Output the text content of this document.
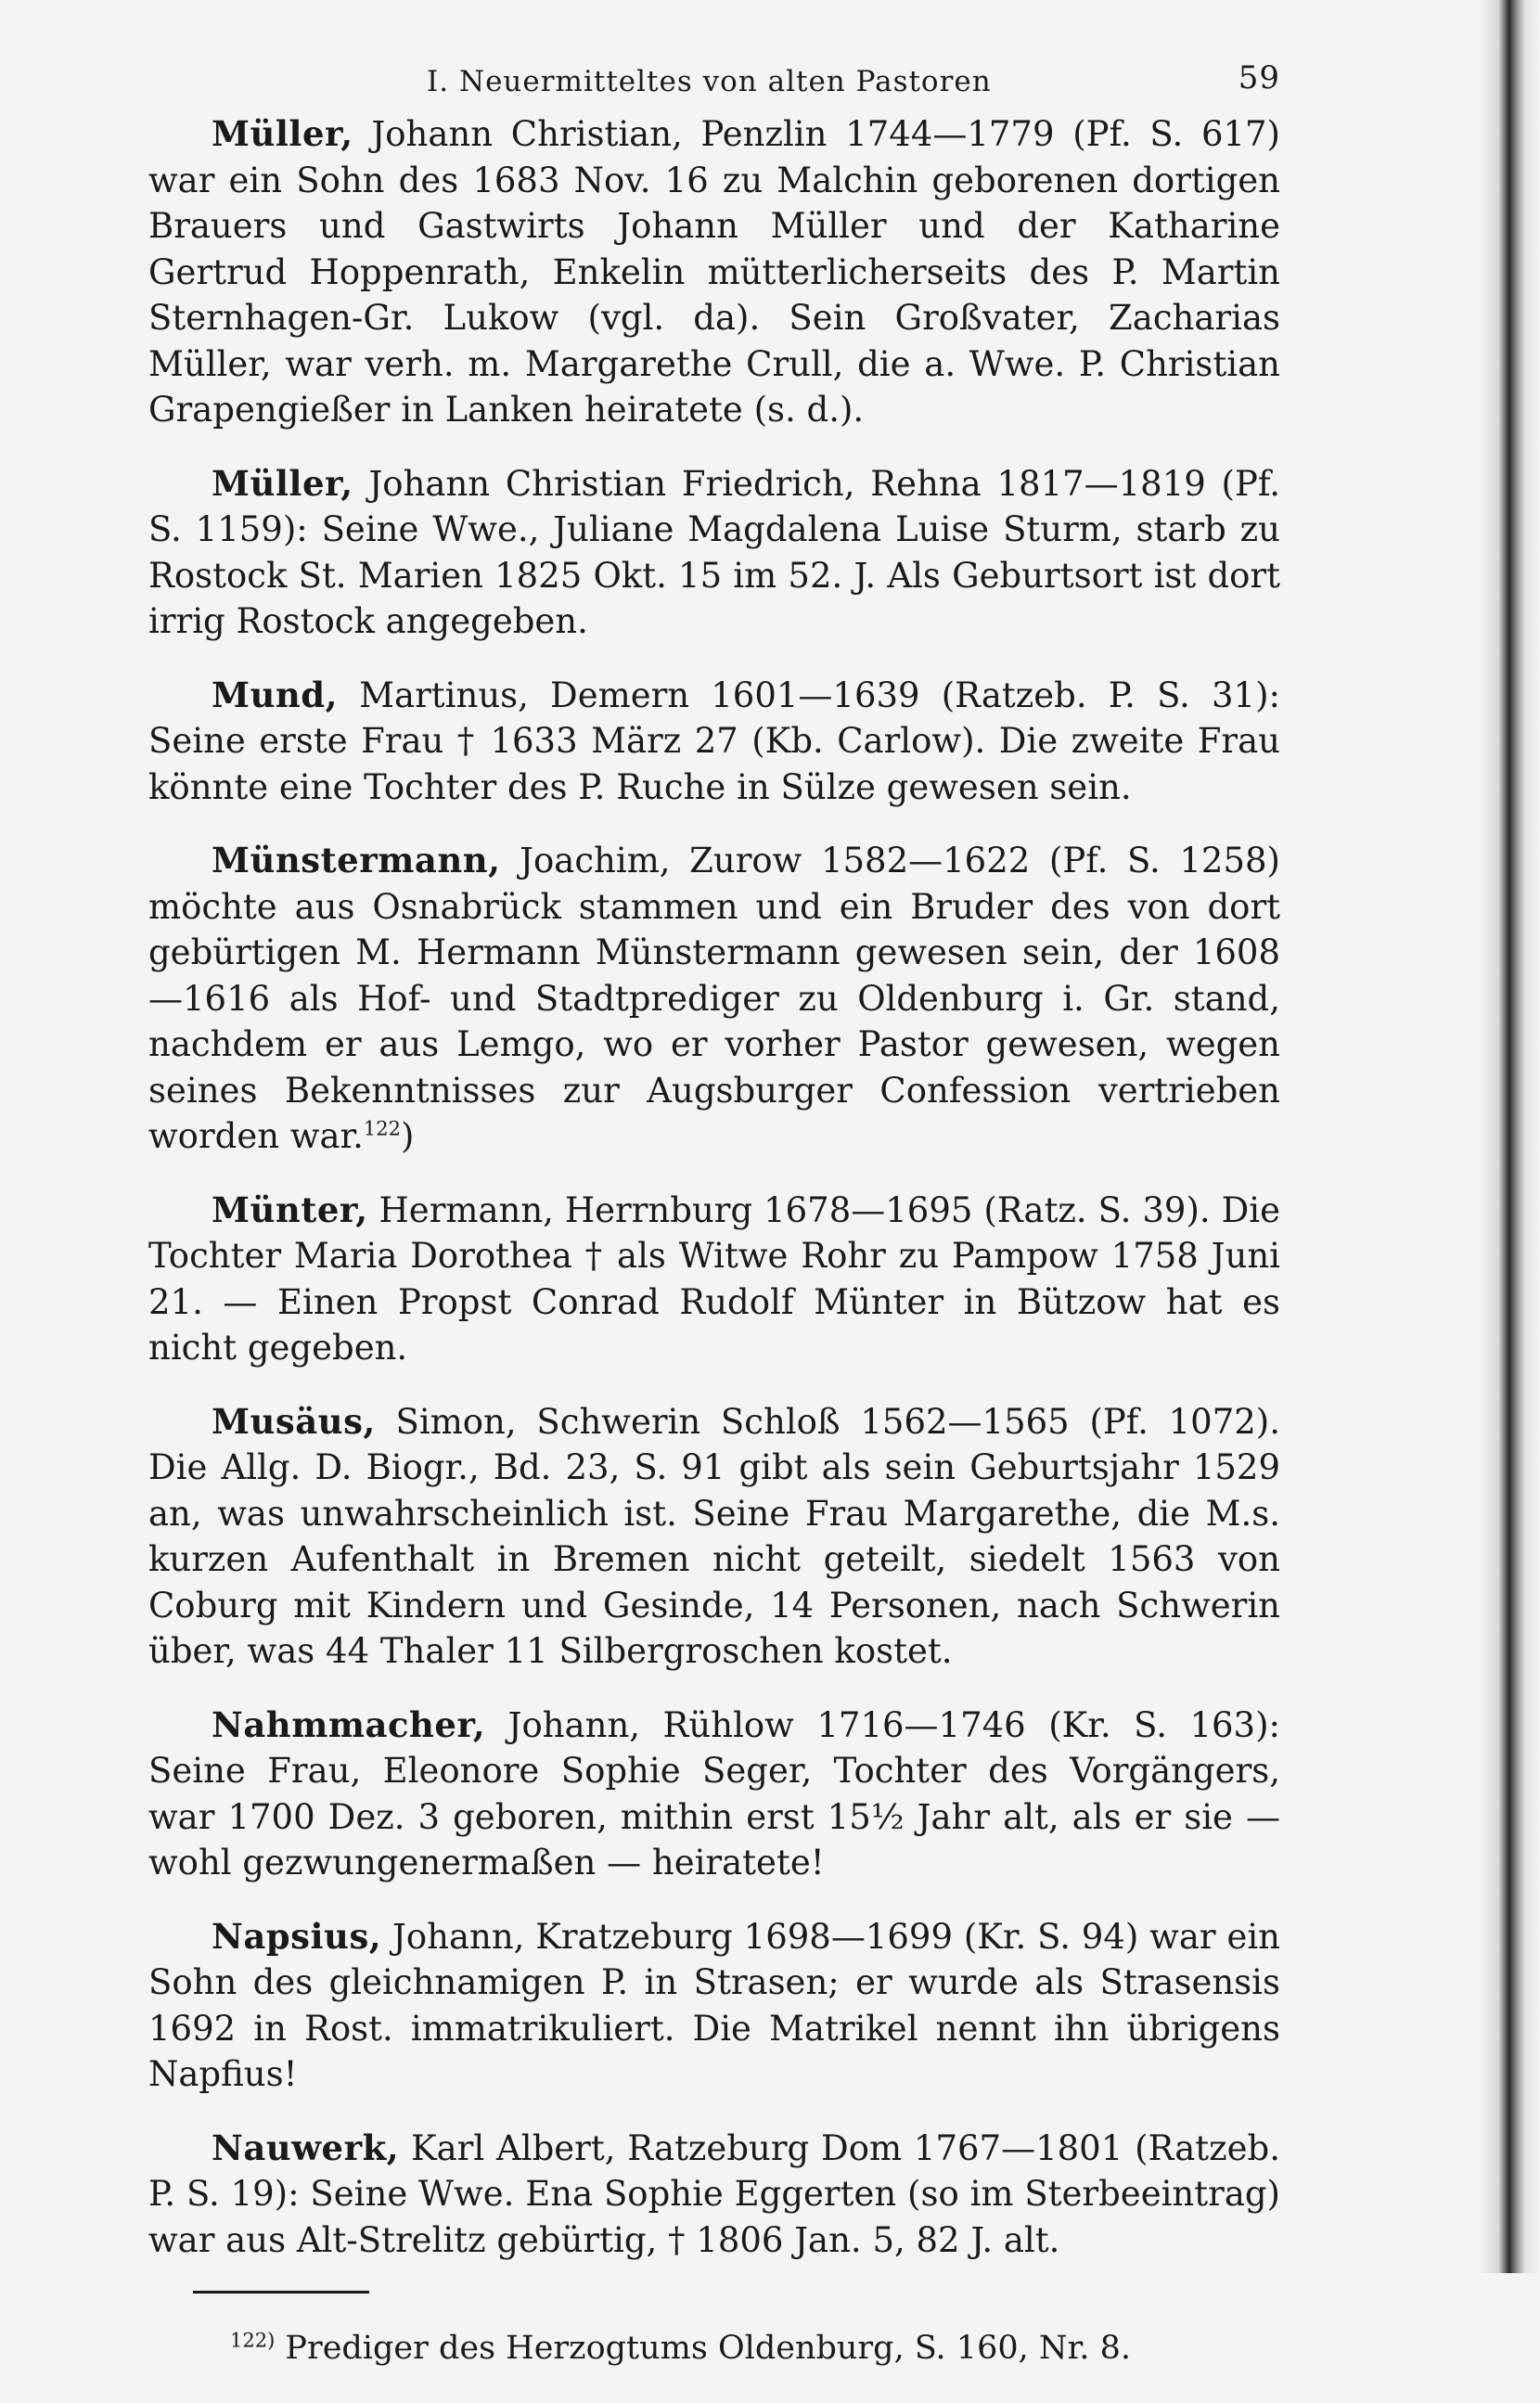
I. Neuermitteltes von alten Pastoren	59

Müller, Johann Christian, Penzlin 1744—1779 (Pf. S. 617) war ein Sohn des 1683 Nov. 16 zu Malchin geborenen dortigen Brauers und Gastwirts Johann Müller und der Katharine Gertrud Hoppenrath, Enkelin mütterlicherseits des P. Martin Sternhagen-Gr. Lukow (vgl. da). Sein Großvater, Zacharias Müller, war verh. m. Margarethe Crull, die a. Wwe. P. Christian Grapengießer in Lanken heiratete (s. d.).

Müller, Johann Christian Friedrich, Rehna 1817—1819 (Pf. S. 1159): Seine Wwe., Juliane Magdalena Luise Sturm, starb zu Rostock St. Marien 1825 Okt. 15 im 52. J. Als Geburtsort ist dort irrig Rostock angegeben.

Mund, Martinus, Demern 1601—1639 (Ratzeb. P. S. 31): Seine erste Frau † 1633 März 27 (Kb. Carlow). Die zweite Frau könnte eine Tochter des P. Ruche in Sülze gewesen sein.

Münstermann, Joachim, Zurow 1582—1622 (Pf. S. 1258) möchte aus Osnabrück stammen und ein Bruder des von dort gebürtigen M. Hermann Münstermann gewesen sein, der 1608—1616 als Hof- und Stadtprediger zu Oldenburg i. Gr. stand, nachdem er aus Lemgo, wo er vorher Pastor gewesen, wegen seines Bekenntnisses zur Augsburger Confession vertrieben worden war.$^{122}$)

Münter, Hermann, Herrnburg 1678—1695 (Ratz. S. 39). Die Tochter Maria Dorothea † als Witwe Rohr zu Pampow 1758 Juni 21. — Einen Propst Conrad Rudolf Münter in Bützow hat es nicht gegeben.

Musäus, Simon, Schwerin Schloß 1562—1565 (Pf. 1072). Die Allg. D. Biogr., Bd. 23, S. 91 gibt als sein Geburtsjahr 1529 an, was unwahrscheinlich ist. Seine Frau Margarethe, die M.s. kurzen Aufenthalt in Bremen nicht geteilt, siedelt 1563 von Coburg mit Kindern und Gesinde, 14 Personen, nach Schwerin über, was 44 Thaler 11 Silbergroschen kostet.

Nahmmacher, Johann, Rühlow 1716—1746 (Kr. S. 163): Seine Frau, Eleonore Sophie Seger, Tochter des Vorgängers, war 1700 Dez. 3 geboren, mithin erst 15½ Jahr alt, als er sie — wohl gezwungenermaßen — heiratete!

Napsius, Johann, Kratzeburg 1698—1699 (Kr. S. 94) war ein Sohn des gleichnamigen P. in Strasen; er wurde als Strasensis 1692 in Rost. immatrikuliert. Die Matrikel nennt ihn übrigens Napfius!

Nauwerk, Karl Albert, Ratzeburg Dom 1767—1801 (Ratzeb. P. S. 19): Seine Wwe. Ena Sophie Eggerten (so im Sterbeeintrag) war aus Alt-Strelitz gebürtig, † 1806 Jan. 5, 82 J. alt.

$^{122)}$ Prediger des Herzogtums Oldenburg, S. 160, Nr. 8.
